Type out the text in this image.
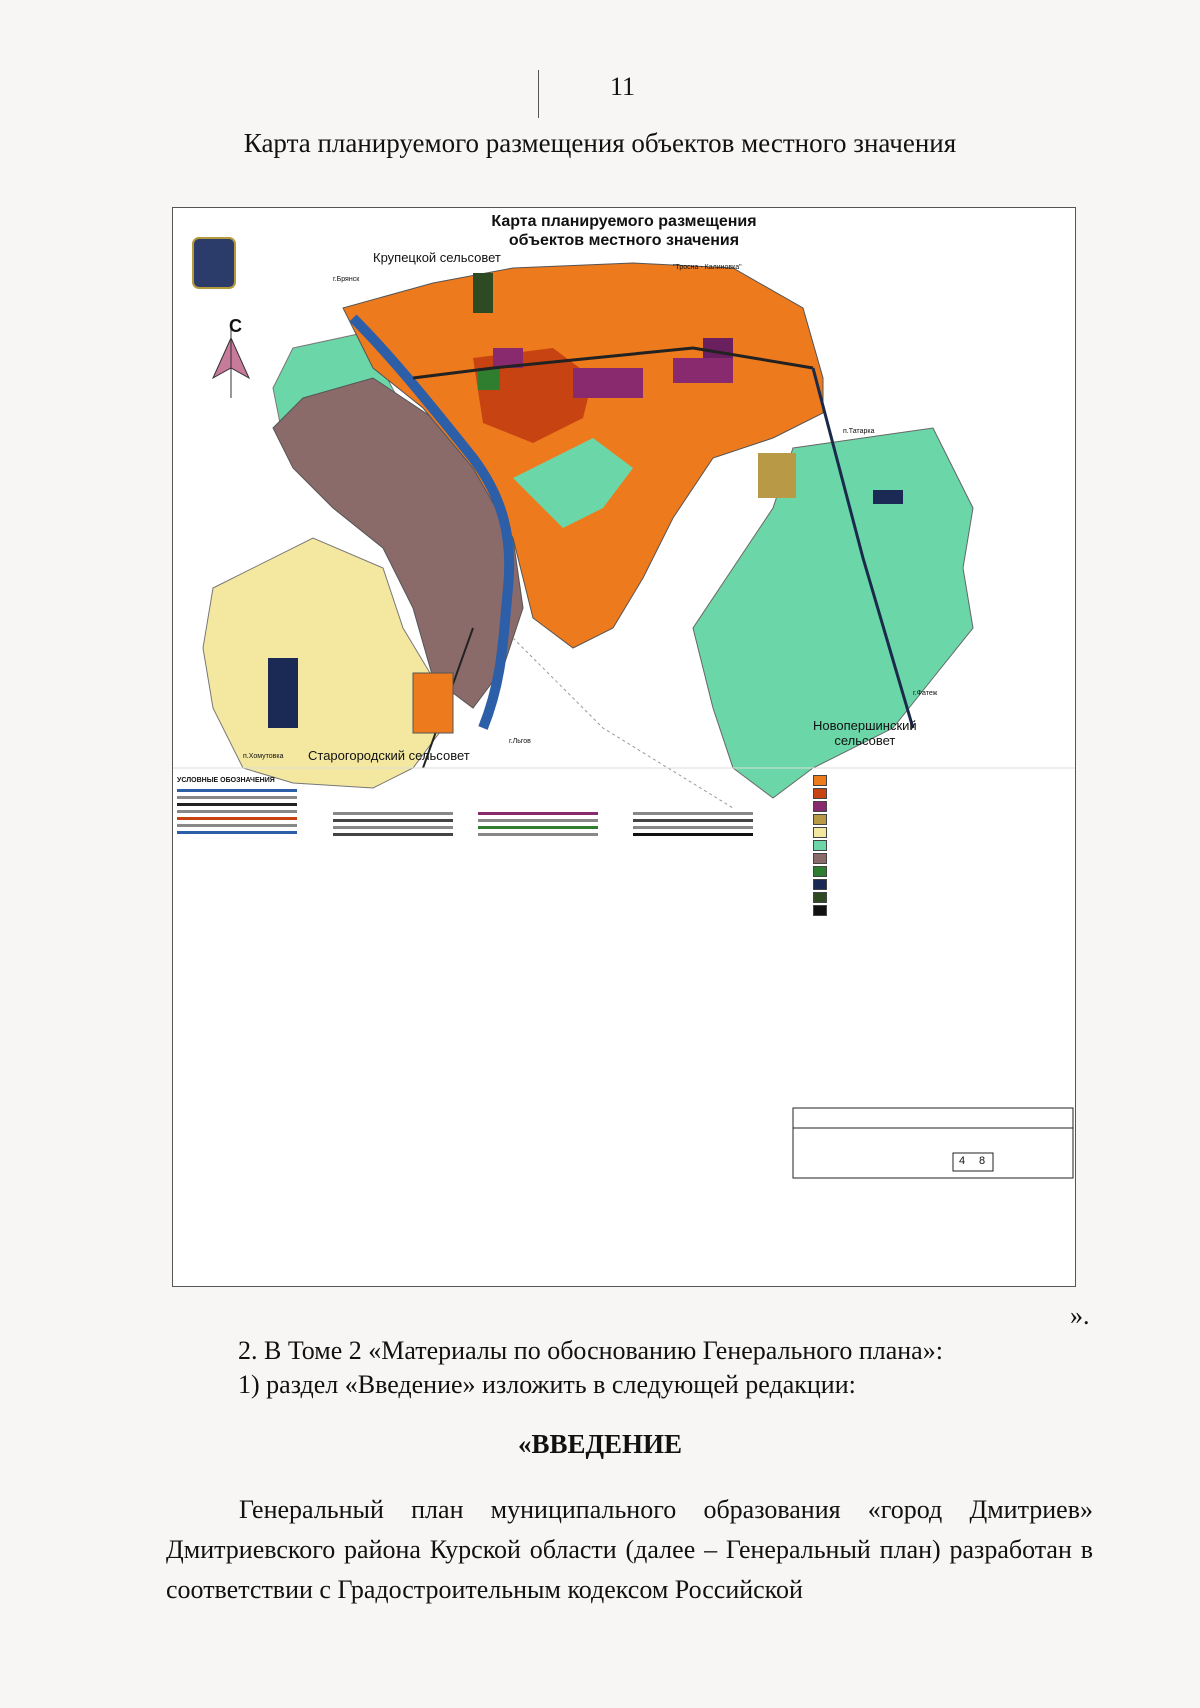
11
Карта планируемого размещения объектов местного значения
Карта планируемого размещения
объектов местного значения
С
Крупецкой сельсовет
Старогородский сельсовет
Новопершинский
сельсовет
г.Брянск
"Тросна - Калиновка"
п.Татарка
г.Фатеж
г.Льгов
п.Хомутовка
УСЛОВНЫЕ ОБОЗНАЧЕНИЯ
4 8
».
2. В Томе 2 «Материалы по обоснованию Генерального плана»:
1) раздел «Введение» изложить в следующей редакции:
«ВВЕДЕНИЕ
Генеральный план муниципального образования «город Дмитриев» Дмитриевского района Курской области (далее – Генеральный план) разработан в соответствии с Градостроительным кодексом Российской
